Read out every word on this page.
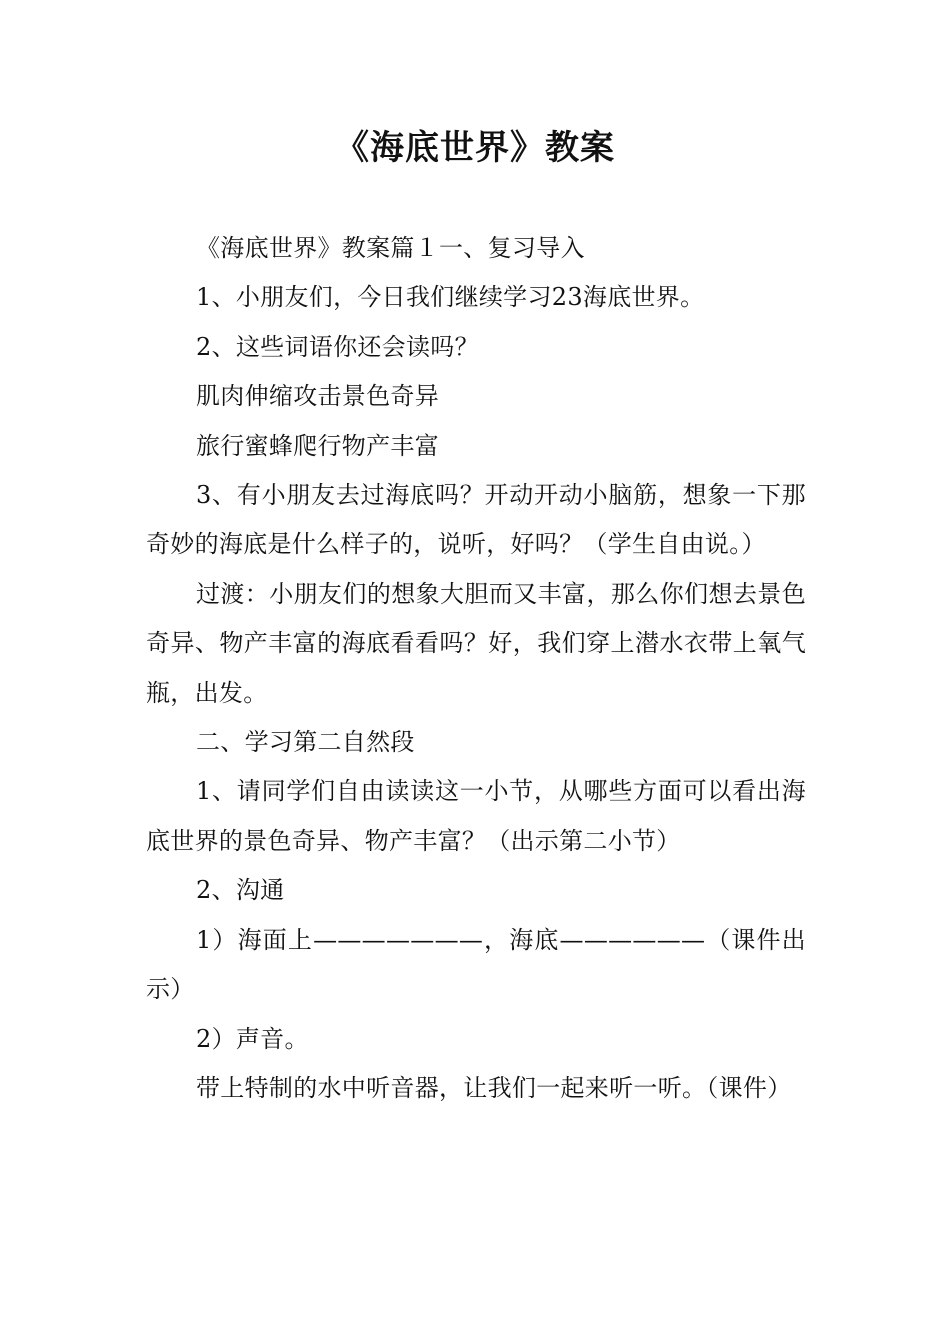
《海底世界》教案

《海底世界》教案篇１一、复习导入

1、小朋友们，今日我们继续学习23海底世界。

2、这些词语你还会读吗？

肌肉伸缩攻击景色奇异

旅行蜜蜂爬行物产丰富

3、有小朋友去过海底吗？开动开动小脑筋，想象一下那奇妙的海底是什么样子的，说听，好吗？（学生自由说。）

过渡：小朋友们的想象大胆而又丰富，那么你们想去景色奇异、物产丰富的海底看看吗？好，我们穿上潜水衣带上氧气瓶，出发。

二、学习第二自然段

1、请同学们自由读读这一小节，从哪些方面可以看出海底世界的景色奇异、物产丰富？（出示第二小节）

2、沟通

1）海面上———————，海底——————（课件出示）

2）声音。

带上特制的水中听音器，让我们一起来听一听。（课件）
